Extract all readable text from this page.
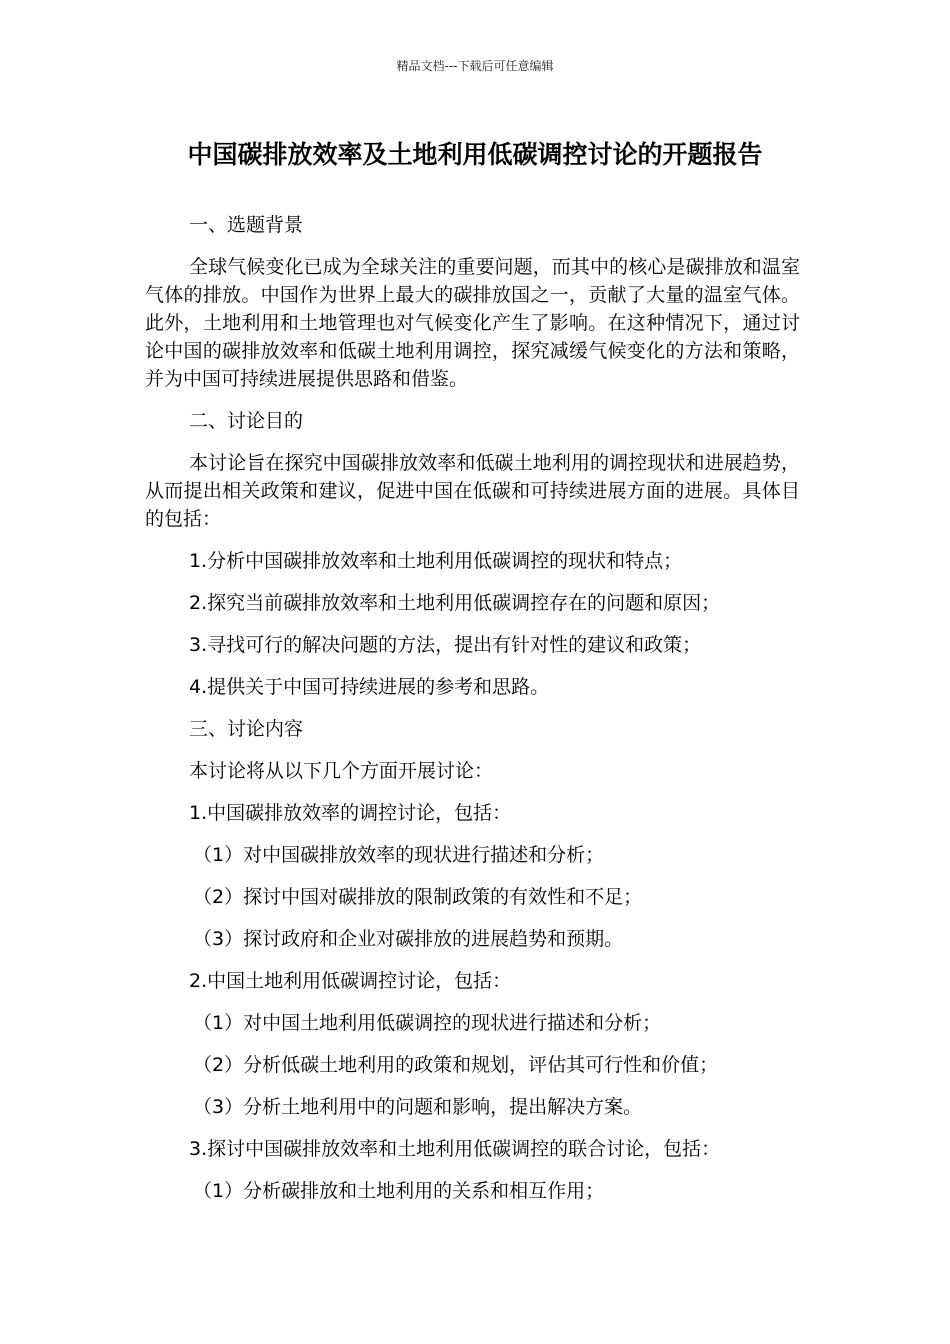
精品文档---下载后可任意编辑
中国碳排放效率及土地利用低碳调控讨论的开题报告
一、选题背景

全球气候变化已成为全球关注的重要问题，而其中的核心是碳排放和温室气体的排放。中国作为世界上最大的碳排放国之一，贡献了大量的温室气体。此外，土地利用和土地管理也对气候变化产生了影响。在这种情况下，通过讨论中国的碳排放效率和低碳土地利用调控，探究减缓气候变化的方法和策略，并为中国可持续进展提供思路和借鉴。

二、讨论目的

本讨论旨在探究中国碳排放效率和低碳土地利用的调控现状和进展趋势，从而提出相关政策和建议，促进中国在低碳和可持续进展方面的进展。具体目的包括：

1.分析中国碳排放效率和土地利用低碳调控的现状和特点；
2.探究当前碳排放效率和土地利用低碳调控存在的问题和原因；
3.寻找可行的解决问题的方法，提出有针对性的建议和政策；
4.提供关于中国可持续进展的参考和思路。
三、讨论内容
本讨论将从以下几个方面开展讨论：
1.中国碳排放效率的调控讨论，包括：
（1）对中国碳排放效率的现状进行描述和分析；
（2）探讨中国对碳排放的限制政策的有效性和不足；
（3）探讨政府和企业对碳排放的进展趋势和预期。
2.中国土地利用低碳调控讨论，包括：
（1）对中国土地利用低碳调控的现状进行描述和分析；
（2）分析低碳土地利用的政策和规划，评估其可行性和价值；
（3）分析土地利用中的问题和影响，提出解决方案。
3.探讨中国碳排放效率和土地利用低碳调控的联合讨论，包括：
（1）分析碳排放和土地利用的关系和相互作用；
